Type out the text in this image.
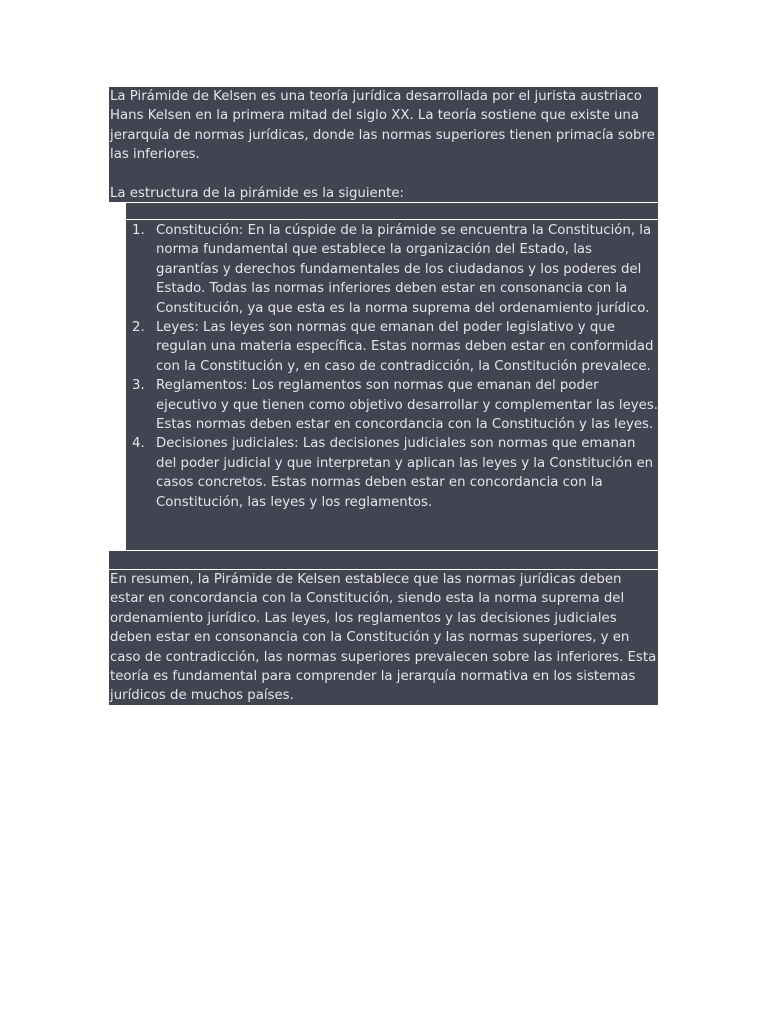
La Pirámide de Kelsen es una teoría jurídica desarrollada por el jurista austriaco Hans Kelsen en la primera mitad del siglo XX. La teoría sostiene que existe una jerarquía de normas jurídicas, donde las normas superiores tienen primacía sobre las inferiores.

La estructura de la pirámide es la siguiente:

1. Constitución: En la cúspide de la pirámide se encuentra la Constitución, la norma fundamental que establece la organización del Estado, las garantías y derechos fundamentales de los ciudadanos y los poderes del Estado. Todas las normas inferiores deben estar en consonancia con la Constitución, ya que esta es la norma suprema del ordenamiento jurídico.
2. Leyes: Las leyes son normas que emanan del poder legislativo y que regulan una materia específica. Estas normas deben estar en conformidad con la Constitución y, en caso de contradicción, la Constitución prevalece.
3. Reglamentos: Los reglamentos son normas que emanan del poder ejecutivo y que tienen como objetivo desarrollar y complementar las leyes. Estas normas deben estar en concordancia con la Constitución y las leyes.
4. Decisiones judiciales: Las decisiones judiciales son normas que emanan del poder judicial y que interpretan y aplican las leyes y la Constitución en casos concretos. Estas normas deben estar en concordancia con la Constitución, las leyes y los reglamentos.

En resumen, la Pirámide de Kelsen establece que las normas jurídicas deben estar en concordancia con la Constitución, siendo esta la norma suprema del ordenamiento jurídico. Las leyes, los reglamentos y las decisiones judiciales deben estar en consonancia con la Constitución y las normas superiores, y en caso de contradicción, las normas superiores prevalecen sobre las inferiores. Esta teoría es fundamental para comprender la jerarquía normativa en los sistemas jurídicos de muchos países.
